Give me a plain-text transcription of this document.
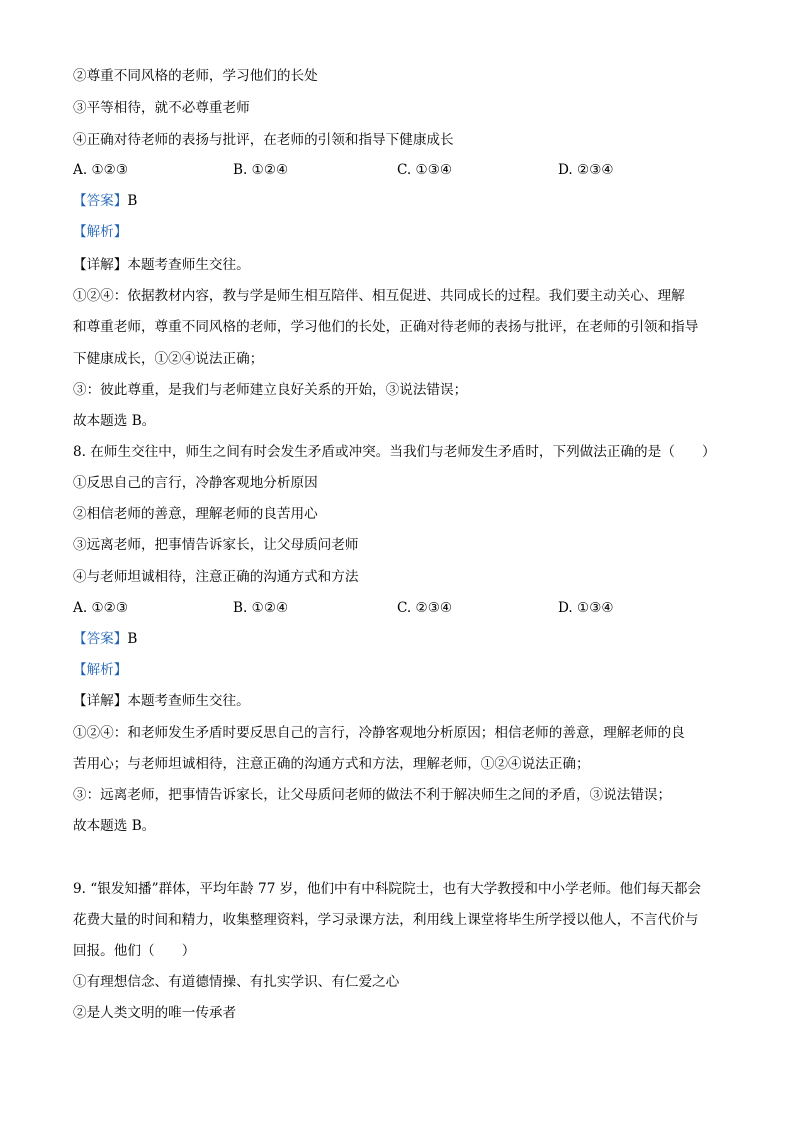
②尊重不同风格的老师，学习他们的长处
③平等相待，就不必尊重老师
④正确对待老师的表扬与批评，在老师的引领和指导下健康成长
A. ①②③	B. ①②④	C. ①③④	D. ②③④
【答案】B
【解析】
【详解】本题考查师生交往。
①②④：依据教材内容，教与学是师生相互陪伴、相互促进、共同成长的过程。我们要主动关心、理解
和尊重老师，尊重不同风格的老师，学习他们的长处，正确对待老师的表扬与批评，在老师的引领和指导
下健康成长，①②④说法正确；
③：彼此尊重，是我们与老师建立良好关系的开始，③说法错误；
故本题选 B。
8. 在师生交往中，师生之间有时会发生矛盾或冲突。当我们与老师发生矛盾时，下列做法正确的是（　　）
①反思自己的言行，冷静客观地分析原因
②相信老师的善意，理解老师的良苦用心
③远离老师，把事情告诉家长，让父母质问老师
④与老师坦诚相待，注意正确的沟通方式和方法
A. ①②③	B. ①②④	C. ②③④	D. ①③④
【答案】B
【解析】
【详解】本题考查师生交往。
①②④：和老师发生矛盾时要反思自己的言行，冷静客观地分析原因；相信老师的善意，理解老师的良
苦用心；与老师坦诚相待，注意正确的沟通方式和方法，理解老师，①②④说法正确；
③：远离老师，把事情告诉家长，让父母质问老师的做法不利于解决师生之间的矛盾，③说法错误；
故本题选 B。
9. “银发知播”群体，平均年龄 77 岁，他们中有中科院院士，也有大学教授和中小学老师。他们每天都会
花费大量的时间和精力，收集整理资料，学习录课方法，利用线上课堂将毕生所学授以他人，不言代价与
回报。他们（　　）
①有理想信念、有道德情操、有扎实学识、有仁爱之心
②是人类文明的唯一传承者
